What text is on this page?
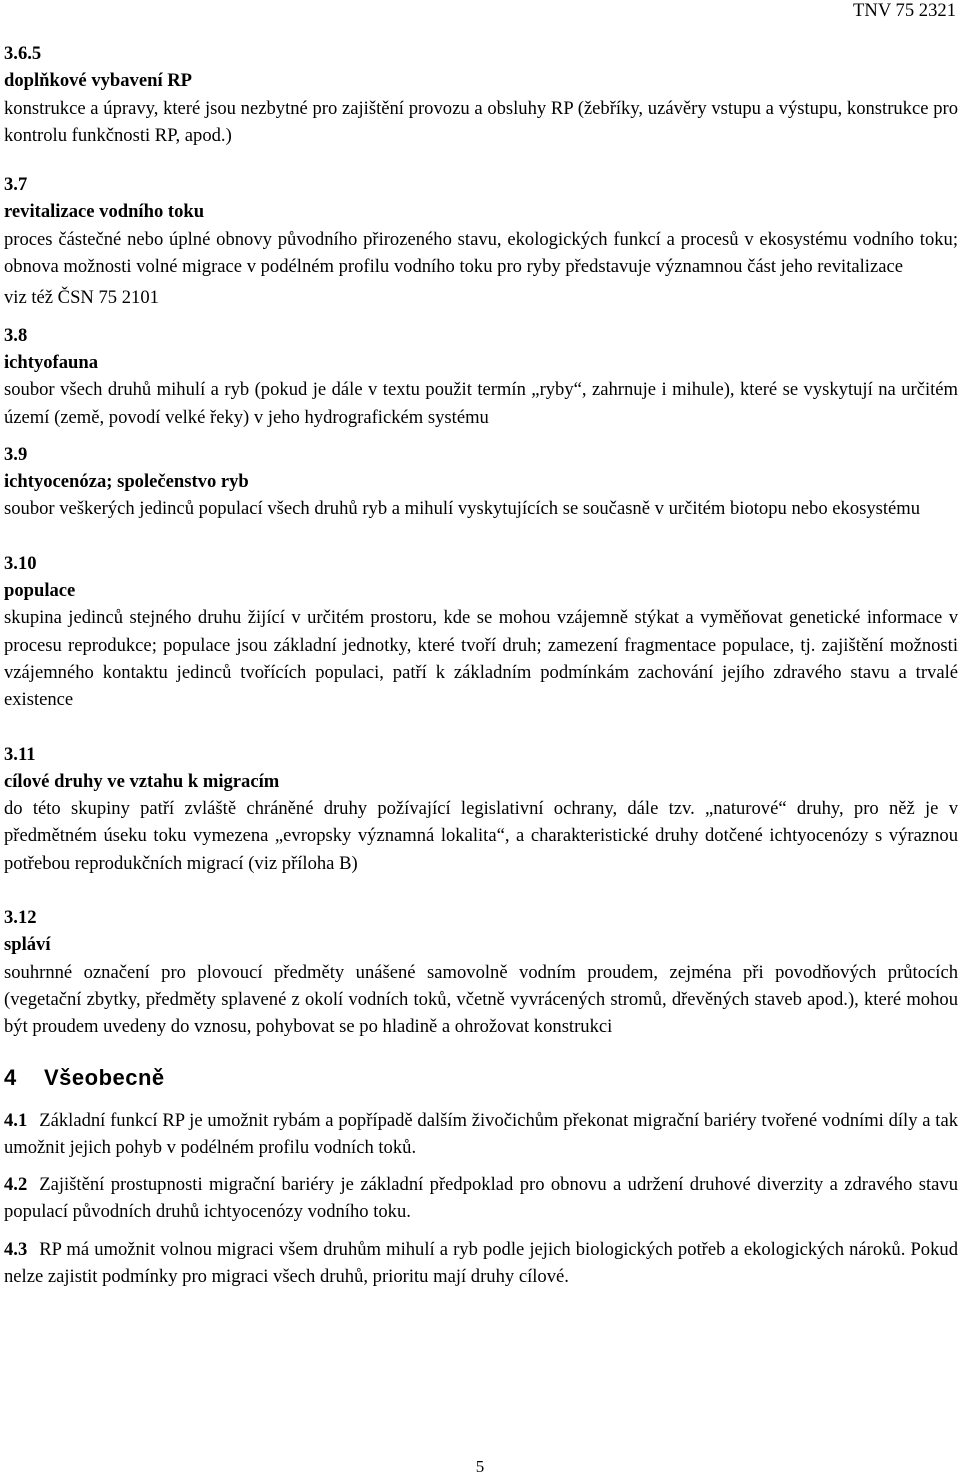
TNV 75 2321
3.6.5
doplňkové vybavení RP
konstrukce a úpravy, které jsou nezbytné pro zajištění provozu a obsluhy RP (žebříky, uzávěry vstupu a výstupu, konstrukce pro kontrolu funkčnosti RP, apod.)
3.7
revitalizace vodního toku
proces částečné nebo úplné obnovy původního přirozeného stavu, ekologických funkcí a procesů v ekosystému vodního toku; obnova možnosti volné migrace v podélném profilu vodního toku pro ryby představuje významnou část jeho revitalizace
viz též ČSN 75 2101
3.8
ichtyofauna
soubor všech druhů mihulí a ryb (pokud je dále v textu použit termín „ryby“, zahrnuje i mihule), které se vyskytují na určitém území (země, povodí velké řeky) v jeho hydrografickém systému
3.9
ichtyocenóza; společenstvo ryb
soubor veškerých jedinců populací všech druhů ryb a mihulí vyskytujících se současně v určitém biotopu nebo ekosystému
3.10
populace
skupina jedinců stejného druhu žijící v určitém prostoru, kde se mohou vzájemně stýkat a vyměňovat genetické informace v procesu reprodukce; populace jsou základní jednotky, které tvoří druh; zamezení fragmentace populace, tj. zajištění možnosti vzájemného kontaktu jedinců tvořících populaci, patří k základním podmínkám zachování jejího zdravého stavu a trvalé existence
3.11
cílové druhy ve vztahu k migracím
do této skupiny patří zvláště chráněné druhy požívající legislativní ochrany, dále tzv. „naturové“ druhy, pro něž je v předmětném úseku toku vymezena „evropsky významná lokalita“, a charakteristické druhy dotčené ichtyocenózy s výraznou potřebou reprodukčních migrací (viz příloha B)
3.12
spláví
souhrnné označení pro plovoucí předměty unášené samovolně vodním proudem, zejména při povodňových průtocích (vegetační zbytky, předměty splavené z okolí vodních toků, včetně vyvrácených stromů, dřevěných staveb apod.), které mohou být proudem uvedeny do vznosu, pohybovat se po hladině a ohrožovat konstrukci
4 Všeobecně

4.1 Základní funkcí RP je umožnit rybám a popřípadě dalším živočichům překonat migrační bariéry tvořené vodními díly a tak umožnit jejich pohyb v podélném profilu vodních toků.

4.2 Zajištění prostupnosti migrační bariéry je základní předpoklad pro obnovu a udržení druhové diverzity a zdravého stavu populací původních druhů ichtyocenózy vodního toku.

4.3 RP má umožnit volnou migraci všem druhům mihulí a ryb podle jejich biologických potřeb a ekologických nároků. Pokud nelze zajistit podmínky pro migraci všech druhů, prioritu mají druhy cílové.

5
